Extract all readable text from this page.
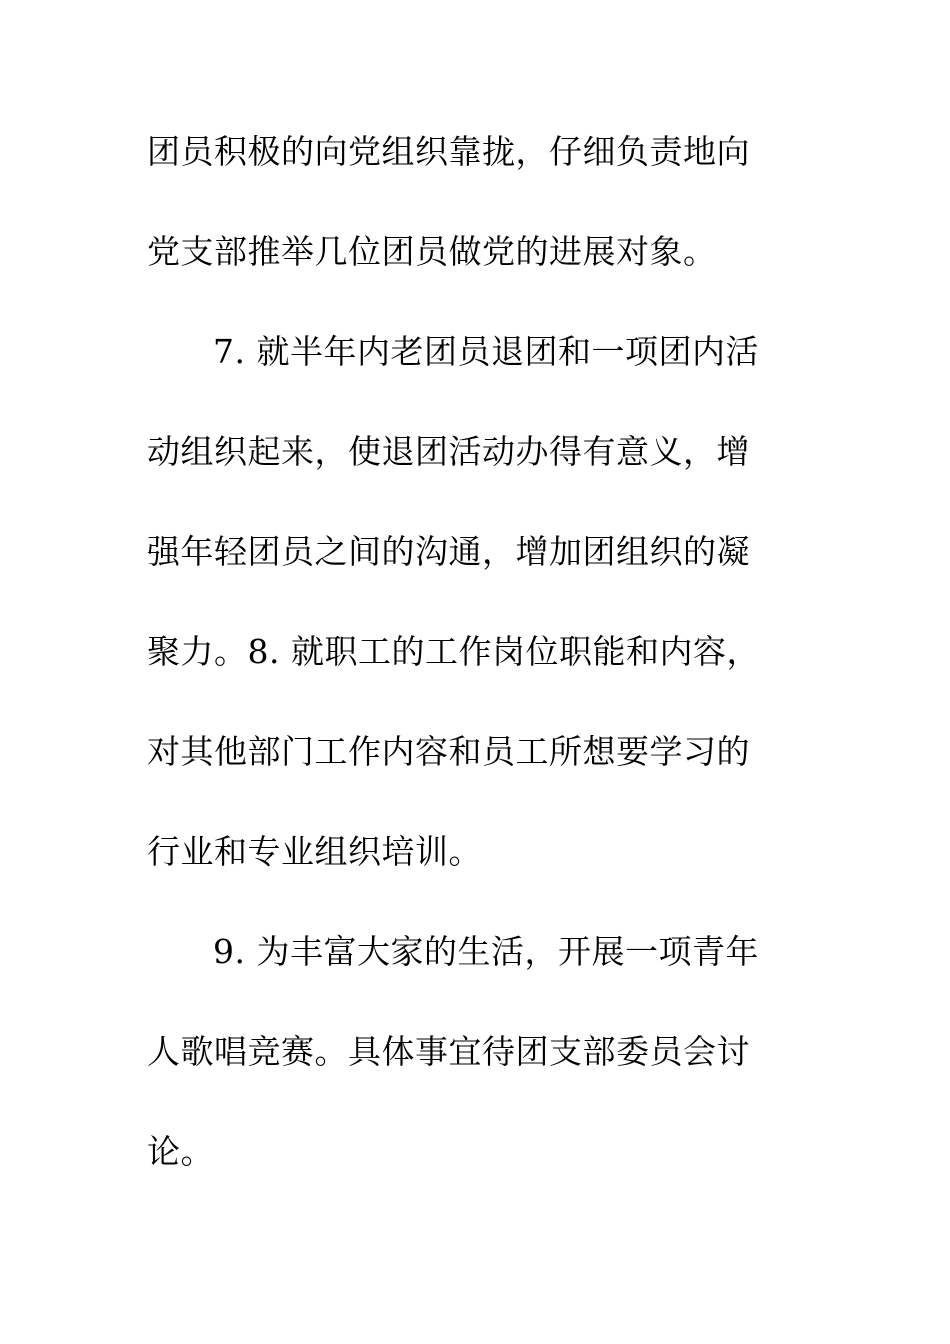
团员积极的向党组织靠拢，仔细负责地向
党支部推举几位团员做党的进展对象。
7. 就半年内老团员退团和一项团内活
动组织起来，使退团活动办得有意义，增
强年轻团员之间的沟通，增加团组织的凝
聚力。8. 就职工的工作岗位职能和内容，
对其他部门工作内容和员工所想要学习的
行业和专业组织培训。
9. 为丰富大家的生活，开展一项青年
人歌唱竞赛。具体事宜待团支部委员会讨
论。
